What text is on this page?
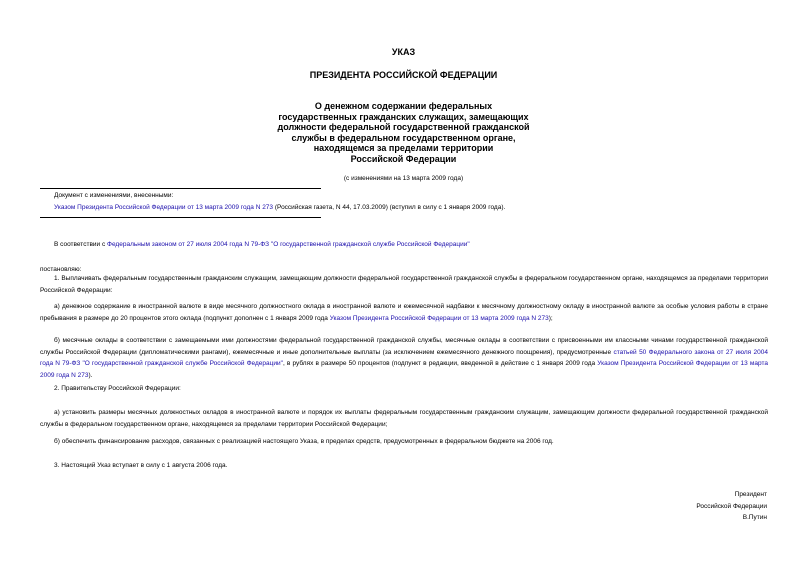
УКАЗ
ПРЕЗИДЕНТА РОССИЙСКОЙ ФЕДЕРАЦИИ
О денежном содержании федеральных
государственных гражданских служащих, замещающих
должности федеральной государственной гражданской
службы в федеральном государственном органе,
находящемся за пределами территории
Российской Федерации
(с изменениями на 13 марта 2009 года)
Документ с изменениями, внесенными:
Указом Президента Российской Федерации от 13 марта 2009 года N 273 (Российская газета, N 44, 17.03.2009) (вступил в силу с 1 января 2009 года).
В соответствии с Федеральным законом от 27 июля 2004 года N 79-ФЗ "О государственной гражданской службе Российской Федерации"
постановляю:
1. Выплачивать федеральным государственным гражданским служащим, замещающим должности федеральной государственной гражданской службы в федеральном государственном органе, находящемся за пределами территории Российской Федерации:
а) денежное содержание в иностранной валюте в виде месячного должностного оклада в иностранной валюте и ежемесячной надбавки к месячному должностному окладу в иностранной валюте за особые условия работы в стране пребывания в размере до 20 процентов этого оклада (подпункт дополнен с 1 января 2009 года Указом Президента Российской Федерации от 13 марта 2009 года N 273);
б) месячные оклады в соответствии с замещаемыми ими должностями федеральной государственной гражданской службы, месячные оклады в соответствии с присвоенными им классными чинами государственной гражданской службы Российской Федерации (дипломатическими рангами), ежемесячные и иные дополнительные выплаты (за исключением ежемесячного денежного поощрения), предусмотренные статьей 50 Федерального закона от 27 июля 2004 года N 79-ФЗ "О государственной гражданской службе Российской Федерации", в рублях в размере 50 процентов (подпункт в редакции, введенной в действие с 1 января 2009 года Указом Президента Российской Федерации от 13 марта 2009 года N 273).
2. Правительству Российской Федерации:
а) установить размеры месячных должностных окладов в иностранной валюте и порядок их выплаты федеральным государственным гражданским служащим, замещающим должности федеральной государственной гражданской службы в федеральном государственном органе, находящемся за пределами территории Российской Федерации;
б) обеспечить финансирование расходов, связанных с реализацией настоящего Указа, в пределах средств, предусмотренных в федеральном бюджете на 2006 год.
3. Настоящий Указ вступает в силу с 1 августа 2006 года.
Президент
Российской Федерации
В.Путин
